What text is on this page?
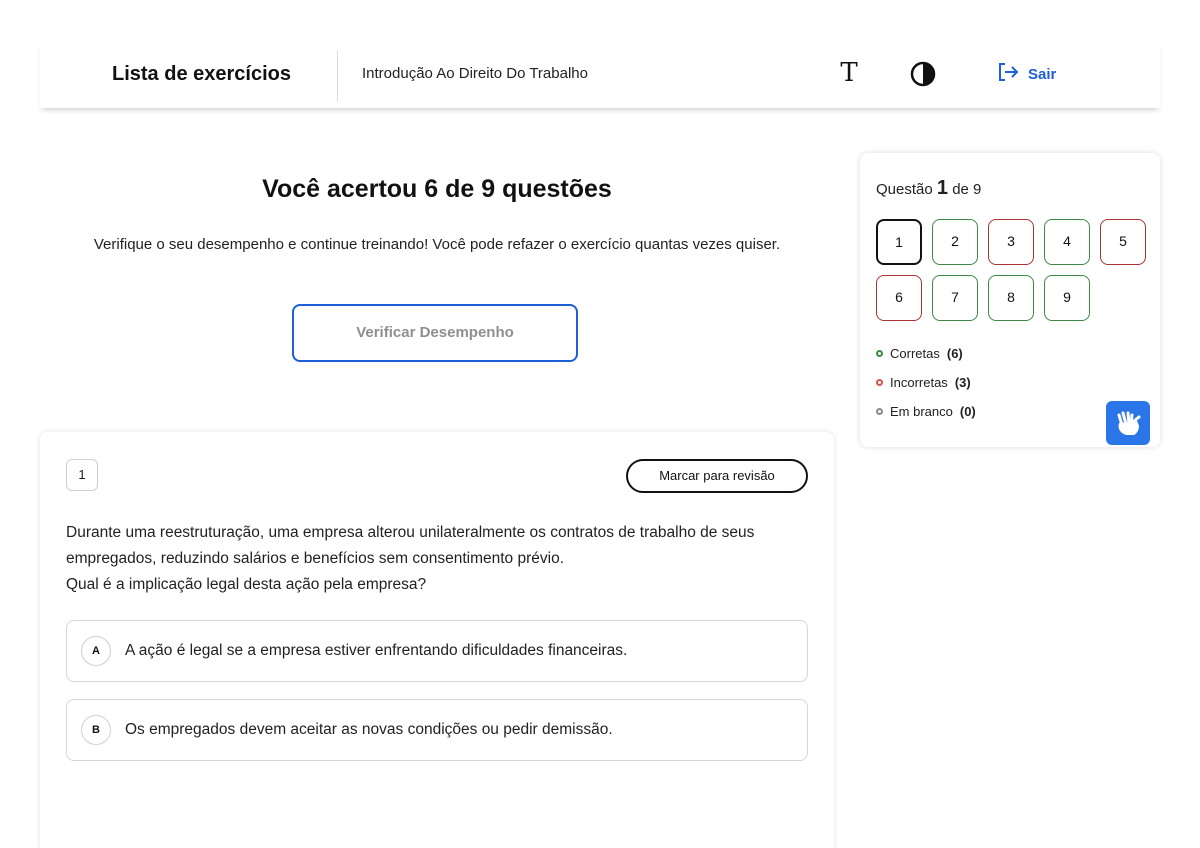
Lista de exercícios	Introdução Ao Direito Do Trabalho	T	Sair
Você acertou 6 de 9 questões
Verifique o seu desempenho e continue treinando! Você pode refazer o exercício quantas vezes quiser.
Verificar Desempenho
1	Marcar para revisão

Durante uma reestruturação, uma empresa alterou unilateralmente os contratos de trabalho de seus empregados, reduzindo salários e benefícios sem consentimento prévio.

Qual é a implicação legal desta ação pela empresa?

A	A ação é legal se a empresa estiver enfrentando dificuldades financeiras.
B	Os empregados devem aceitar as novas condições ou pedir demissão.
Questão 1 de 9
1	2	3	4	5
6	7	8	9
Corretas (6)
Incorretas (3)
Em branco (0)
